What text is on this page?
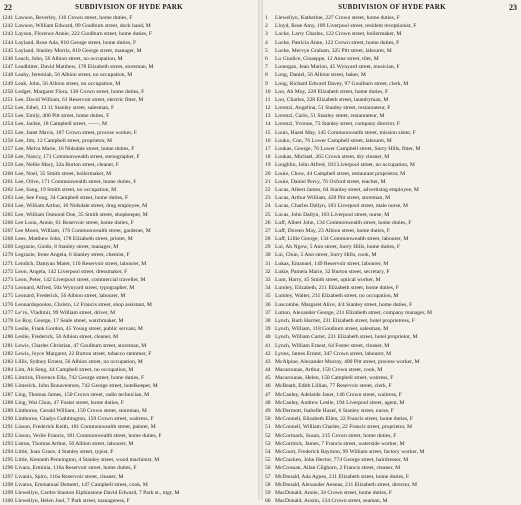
22	SUBDIVISION OF HYDE PARK
1241 Lawson, Beverley, 116 Crown street, home duties, F
1242 Lawson, William Edward, 89 Goulburn street, dock hand, M
1243 Layson, Florence Annie, 222 Goulburn street, home duties, F
1244 Layland, Rose Ada, 810 George street, home duties, F
1245 Layland, Stanley Morris, 810 George street, manager, M
1246 Leach, John, 56 Albion street, no occupation, M
1247 Leadbitter, David Matthew, 178 Elizabeth street, storeman, M
1248 Leahy, Jeremiah, 56 Albion street, no occupation, M
1249 Leak, John, 56 Albion street, no occupation, M
1250 Ledger, Margaret Flora, 138 Crown street, home duties, F
1251 Lee, David William, 61 Reservoir street, electric fitter, M
1252 Lee, Ethel, 13 11 Stanley street, salesman, F
1253 Lee, Emily, 400 Pitt street, home duties, F
1254 Lee, Jackie, 18 Campbell street, ——, M
1255 Lee, Janet Mavis, 187 Crown street, process worker, F
1256 Lee, Jim, 12 Campbell street, proprietor, M
1257 Lee, Melva Marie, 16 Nidsdale street, home duties, F
1258 Lee, Nancy, 171 Commonwealth street, stenographer, F
1259 Lee, Nellie Mary, 32a Burton street, cleaner, F
1260 Lee, Noel, 35 Smith street, boilermaker, M
1261 Lee, Olive, 171 Commonwealth street, home duties, F
1262 Lee, Sang, 19 Smith street, no occupation, M
1263 Lee, See Fong, 34 Campbell street, home duties, F
1264 Lee, William Arthur, 16 Nidsdale street, drug employee, M
1265 Lee, William Osmond Doe, 35 Smith street, shopkeeper, M
1266 Lee Loon, Annie, 61 Reservoir street, home duties, F
1267 Lee Moon, William, 176 Commonwealth street, gardener, M
1268 Lees, Matthew John, 178 Elizabeth street, printer, M
1269 Legrazie, Guido, 8 Stanley street, manager, M
1270 Legrazie, Irene Angela, 6 Stanley street, chemist, F
1271 Lendich, Damyan Mater, 110 Reservoir street, labourer, M
1272 Leon, Angela, 142 Liverpool street, dressmaker, F
1273 Leon, Peter, 142 Liverpool street, commercial traveller, M
1274 Leonard, Alfred, 50a Wynyard street, typographer, M
1275 Leonard, Frederick, 56 Albion street, labourer, M
1276 Leonardopoulos, Christo, 12 Francis street, shop assistant, M
1277 Le’ro, Vladimir, 99 William street, driver, M
1278 Le Roy, George, 17 Seale street, watchmaker, M
1279 Leslie, Frank Gordon, 45 Young street, public servant, M
1280 Leslie, Frederick, 56 Albion street, cleaner, M
1281 Lewis, Charles Christian, 47 Goulburn street, storeman, M
1282 Lewis, Joyce Margaret, 22 Burton street, tobacco stemmer, F
1283 Lillis, Sydney Ernest, 56 Albion street, no occupation, M
1284 Lim, Ah Seng, 44 Campbell street, no occupation, M
1285 Limrick, Florence Ella, 742 George street, home duties, F
1286 Limerick, John Bonaventure, 742 George street, hotelkeeper, M
1287 Ling, Thomas James, 150 Crown street, radio technician, M
1288 Ling, Wai Chun, 47 Foster street, home duties, F
1289 Linthorne, Gerald William, 150 Crown street, storeman, M
1290 Linthorne, Gladys Cuthbington, 150 Crown street, waitress, F
1291 Lisson, Frederick Keith, 181 Commonwealth street, painter, M
1292 Lisson, Verlie Francis, 181 Commonwealth street, home duties, F
1293 Liston, Thomas Arthur, 56 Albion street, labourer, M
1294 Little, Joan Grace, 4 Stanley street, typist, F
1295 Little, Kenneth Pennington, 4 Stanley street, wood machinist, M
1296 Livara, Erminia, 116a Reservoir street, home duties, F
1297 Livanis, Spiro, 116a Reservoir street, cleaner, M
1298 Livatos, Emmanual Demetri, 147 Campbell street, cook, M
1299 Llewellyn, Cardre Stanton Elphinstone David Edward, 7 Park st., mgr, M
1300 Llewellyn, Helen Juel, 7 Park street, manageress, F
SUBDIVISION OF HYDE PARK	23
1	Llewellyn, Katherine, 227 Crown street, home duties, F
2	Lloyd, Rose Amy, 189 Liverpool street, resident receptionist, F
3	Locke, Larry Charles, 122 Crown street, boilermaker, M
4	Locke, Patricia Anne, 122 Crown street, home duties, F
5	Locke, Mervyn Graham, 325 Pitt street, labourer, M
6	Lo Giudice, Giuseppe, 12 Anne street, tiler, M
7	Lonergan, Jean Marion, 45 Wynyard street, musician, F
8	Long, Daniel, 56 Albion street, baker, M
9	Long, Richard Edward Davey, 97 Goulburn street, clerk, M
10 Loo, Ah Moy, 228 Elizabeth street, home duties, F
11 Loo, Charles, 228 Elizabeth street, laundryman, M
12 Lorenzi, Angelina, 51 Stanley street, restaurateur, F
13 Lorenzi, Carlo, 51 Stanley street, restaurateur, M
14 Lorenzi, Yvonne, 73 Stanley street, company director, F
15 Louis, Hazel May, 145 Commonwealth street, mission sister, F
16 Louko, Con, 76 Lower Campbell street, labourer, M
17 Loukas, George, 76 Lower Campbell street, Surry Hills, fitter, M
18 Loukas, Michael, 265 Crown street, dry cleaner, M
19 Loughlin, John Alfred, 183 Liverpool street, no occupation, M
20 Louie, Chow, 44 Campbell street, restaurant proprietor, M
21 Louie, Daniel Percy, 76 Oxford street, teacher, M
22 Lucas, Albert James, 64 Stanley street, advertising employee, M
23 Lucas, Arthur William, 428 Pitt street, storeman, M
24 Lucas, Charles Dallyn, 183 Liverpool street, male nurse, M
25 Lucas, John Dallyn, 183 Liverpool street, nurse, M
26 Luff, Albert John, 134 Commonwealth street, home duties, F
27 Luff, Doreen May, 23 Albion street, home duties, F
28 Luff, Lillie George, 134 Commonwealth street, labourer, M
29 Lui, Ah Ngow, 5 Ann street, Surry Hills, home duties, F
30 Lui, Chun, 5 Ann street, Surry Hills, cook, M
31 Lukas, Emanuel, 149 Reservoir street, labourer, M
32 Lukie, Pamela Marie, 32 Burton street, secretary, F
33 Lum, Harry, 45 Smith street, optical worker, M
34 Lumley, Elizabeth, 211 Elizabeth street, home duties, F
35 Lumley, Walter, 211 Elizabeth street, no occupation, M
36 Luscombe, Margaret Alice, 4/4 Stanley street, home duties, F
37 Lutton, Alexander George, 211 Elizabeth street, company manager, M
38 Lynch, Ruth Harriet, 231 Elizabeth street, hotel proprietress, F
39 Lynch, William, 118 Goulburn street, salesman, M
40 Lynch, William Carter, 231 Elizabeth street, hotel proprietor, M
41 Lynch, William Ernest, 64 Foster street, cleaner, M
42 Lyons, James Ernest, 347 Crown street, labourer, M
43 McAlpine, Alexander Murray, 400 Pitt street, process worker, M
44 Macarounas, Arthur, 150 Crown street, cook, M
45 Macarounas, Helen, 150 Campbell street, waitress, F
46 McBeath, Edith Lillian, 77 Reservoir street, clerk, F
47 McCauley, Adelaide Janet, 146 Crown street, waitress, F
48 McCauley, Andrew Leslie, 194 Liverpool street, agent, M
49 McDermott, Isabelle Hazel, 6 Stanley street, nurse, F
50 McConnell, Elizabeth Ellen, 22 Francis street, home duties, F
51 McConnell, William Charles, 22 Francis street, proprietor, M
52 McCormack, Susan, 215 Crown street, home duties, F
53 McCormick, James, 7 Francis street, waterside worker, M
54 McCourt, Frederick Raymon, 99 William street, factory worker, M
55 McCracken, John Hector, 774 George street, hairdresser, M
56 McCrossan, Allan Clighorn, 2 Francis street, cleaner, M
57 McDonald, Ada Agnes, 211 Elizabeth street, home duties, F
58 McDonald, Alexander Aeneas, 211 Elizabeth street, director, M
59 MacDonald, Annie, 34 Crown street, home duties, F
60 MacDonald, Austin, 134 Crown street, seaman, M
